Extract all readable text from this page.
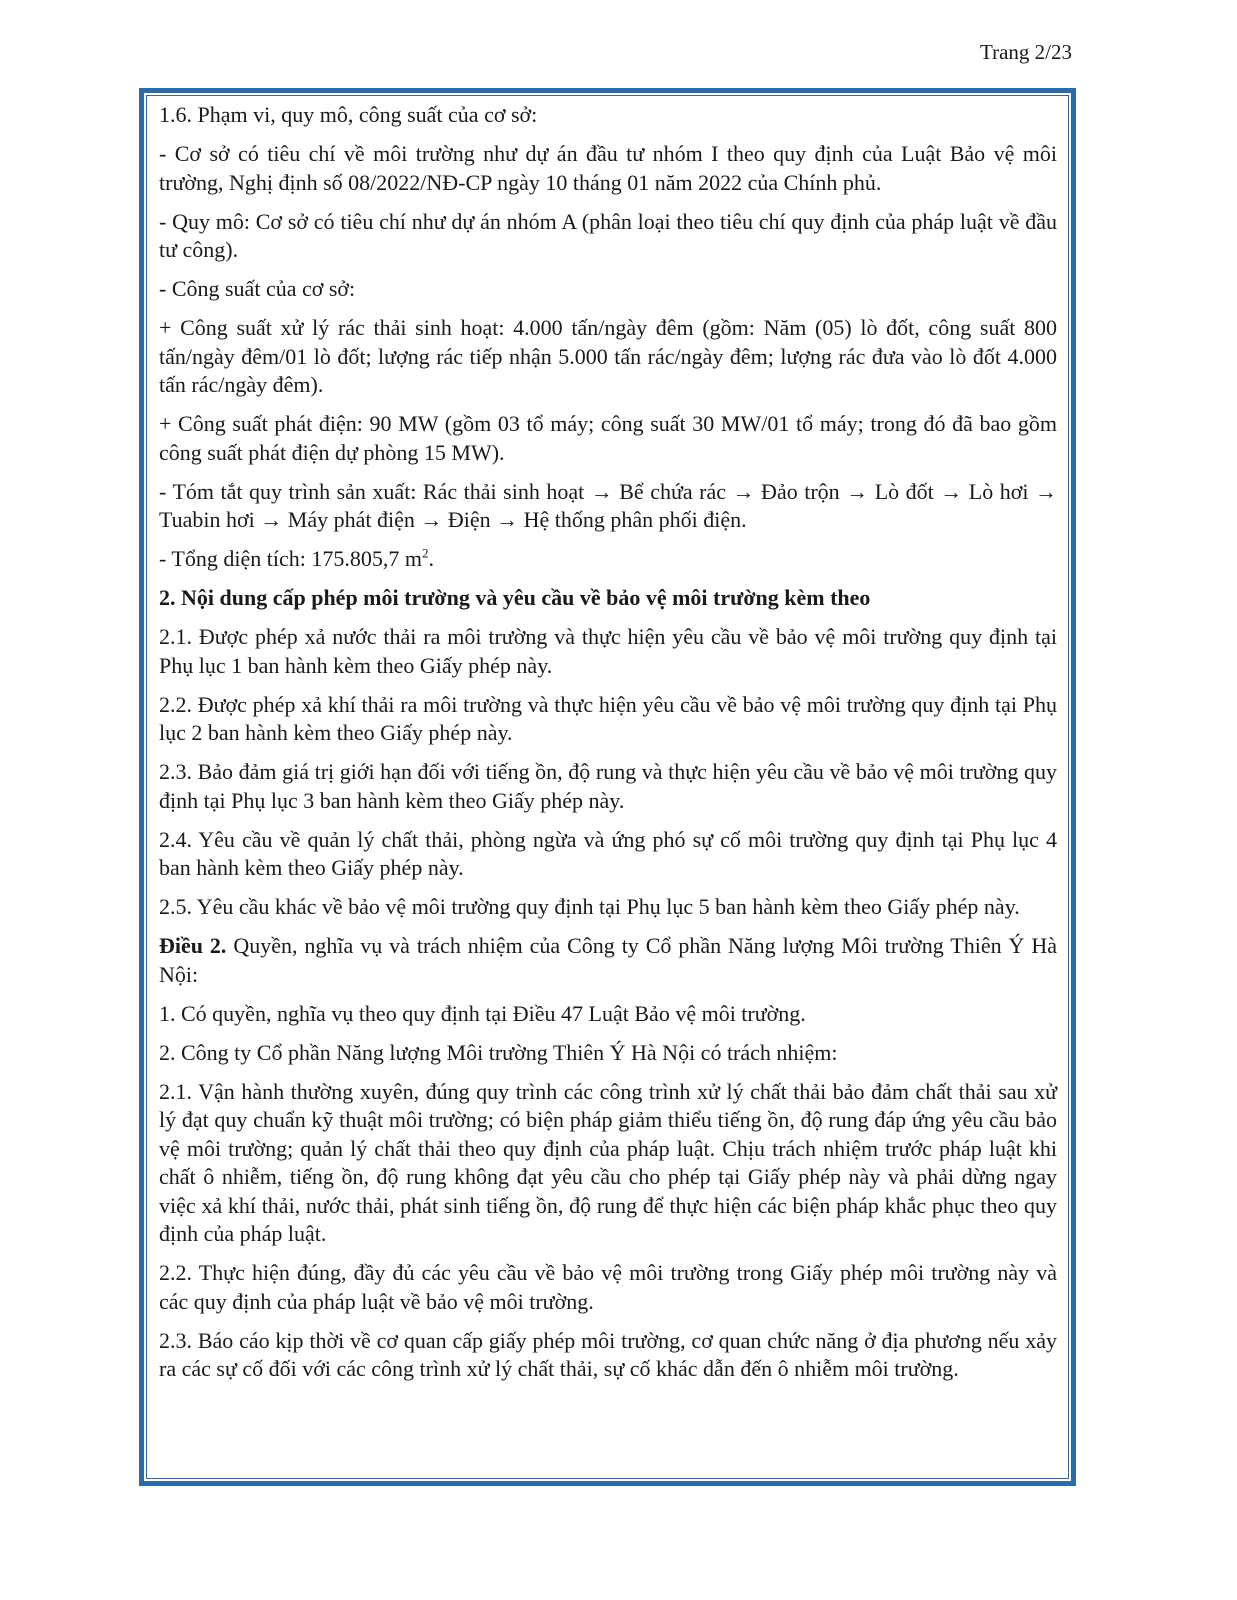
Trang 2/23

1.6. Phạm vi, quy mô, công suất của cơ sở:

- Cơ sở có tiêu chí về môi trường như dự án đầu tư nhóm I theo quy định của Luật Bảo vệ môi trường, Nghị định số 08/2022/NĐ-CP ngày 10 tháng 01 năm 2022 của Chính phủ.

- Quy mô: Cơ sở có tiêu chí như dự án nhóm A (phân loại theo tiêu chí quy định của pháp luật về đầu tư công).

- Công suất của cơ sở:

+ Công suất xử lý rác thải sinh hoạt: 4.000 tấn/ngày đêm (gồm: Năm (05) lò đốt, công suất 800 tấn/ngày đêm/01 lò đốt; lượng rác tiếp nhận 5.000 tấn rác/ngày đêm; lượng rác đưa vào lò đốt 4.000 tấn rác/ngày đêm).

+ Công suất phát điện: 90 MW (gồm 03 tổ máy; công suất 30 MW/01 tổ máy; trong đó đã bao gồm công suất phát điện dự phòng 15 MW).

- Tóm tắt quy trình sản xuất: Rác thải sinh hoạt → Bể chứa rác → Đảo trộn → Lò đốt → Lò hơi → Tuabin hơi → Máy phát điện → Điện → Hệ thống phân phối điện.

- Tổng diện tích: 175.805,7 $m^2$.

2. Nội dung cấp phép môi trường và yêu cầu về bảo vệ môi trường kèm theo

2.1. Được phép xả nước thải ra môi trường và thực hiện yêu cầu về bảo vệ môi trường quy định tại Phụ lục 1 ban hành kèm theo Giấy phép này.

2.2. Được phép xả khí thải ra môi trường và thực hiện yêu cầu về bảo vệ môi trường quy định tại Phụ lục 2 ban hành kèm theo Giấy phép này.

2.3. Bảo đảm giá trị giới hạn đối với tiếng ồn, độ rung và thực hiện yêu cầu về bảo vệ môi trường quy định tại Phụ lục 3 ban hành kèm theo Giấy phép này.

2.4. Yêu cầu về quản lý chất thải, phòng ngừa và ứng phó sự cố môi trường quy định tại Phụ lục 4 ban hành kèm theo Giấy phép này.

2.5. Yêu cầu khác về bảo vệ môi trường quy định tại Phụ lục 5 ban hành kèm theo Giấy phép này.

Điều 2. Quyền, nghĩa vụ và trách nhiệm của Công ty Cổ phần Năng lượng Môi trường Thiên Ý Hà Nội:

1. Có quyền, nghĩa vụ theo quy định tại Điều 47 Luật Bảo vệ môi trường.

2. Công ty Cổ phần Năng lượng Môi trường Thiên Ý Hà Nội có trách nhiệm:

2.1. Vận hành thường xuyên, đúng quy trình các công trình xử lý chất thải bảo đảm chất thải sau xử lý đạt quy chuẩn kỹ thuật môi trường; có biện pháp giảm thiểu tiếng ồn, độ rung đáp ứng yêu cầu bảo vệ môi trường; quản lý chất thải theo quy định của pháp luật. Chịu trách nhiệm trước pháp luật khi chất ô nhiễm, tiếng ồn, độ rung không đạt yêu cầu cho phép tại Giấy phép này và phải dừng ngay việc xả khí thải, nước thải, phát sinh tiếng ồn, độ rung để thực hiện các biện pháp khắc phục theo quy định của pháp luật.

2.2. Thực hiện đúng, đầy đủ các yêu cầu về bảo vệ môi trường trong Giấy phép môi trường này và các quy định của pháp luật về bảo vệ môi trường.

2.3. Báo cáo kịp thời về cơ quan cấp giấy phép môi trường, cơ quan chức năng ở địa phương nếu xảy ra các sự cố đối với các công trình xử lý chất thải, sự cố khác dẫn đến ô nhiễm môi trường.
